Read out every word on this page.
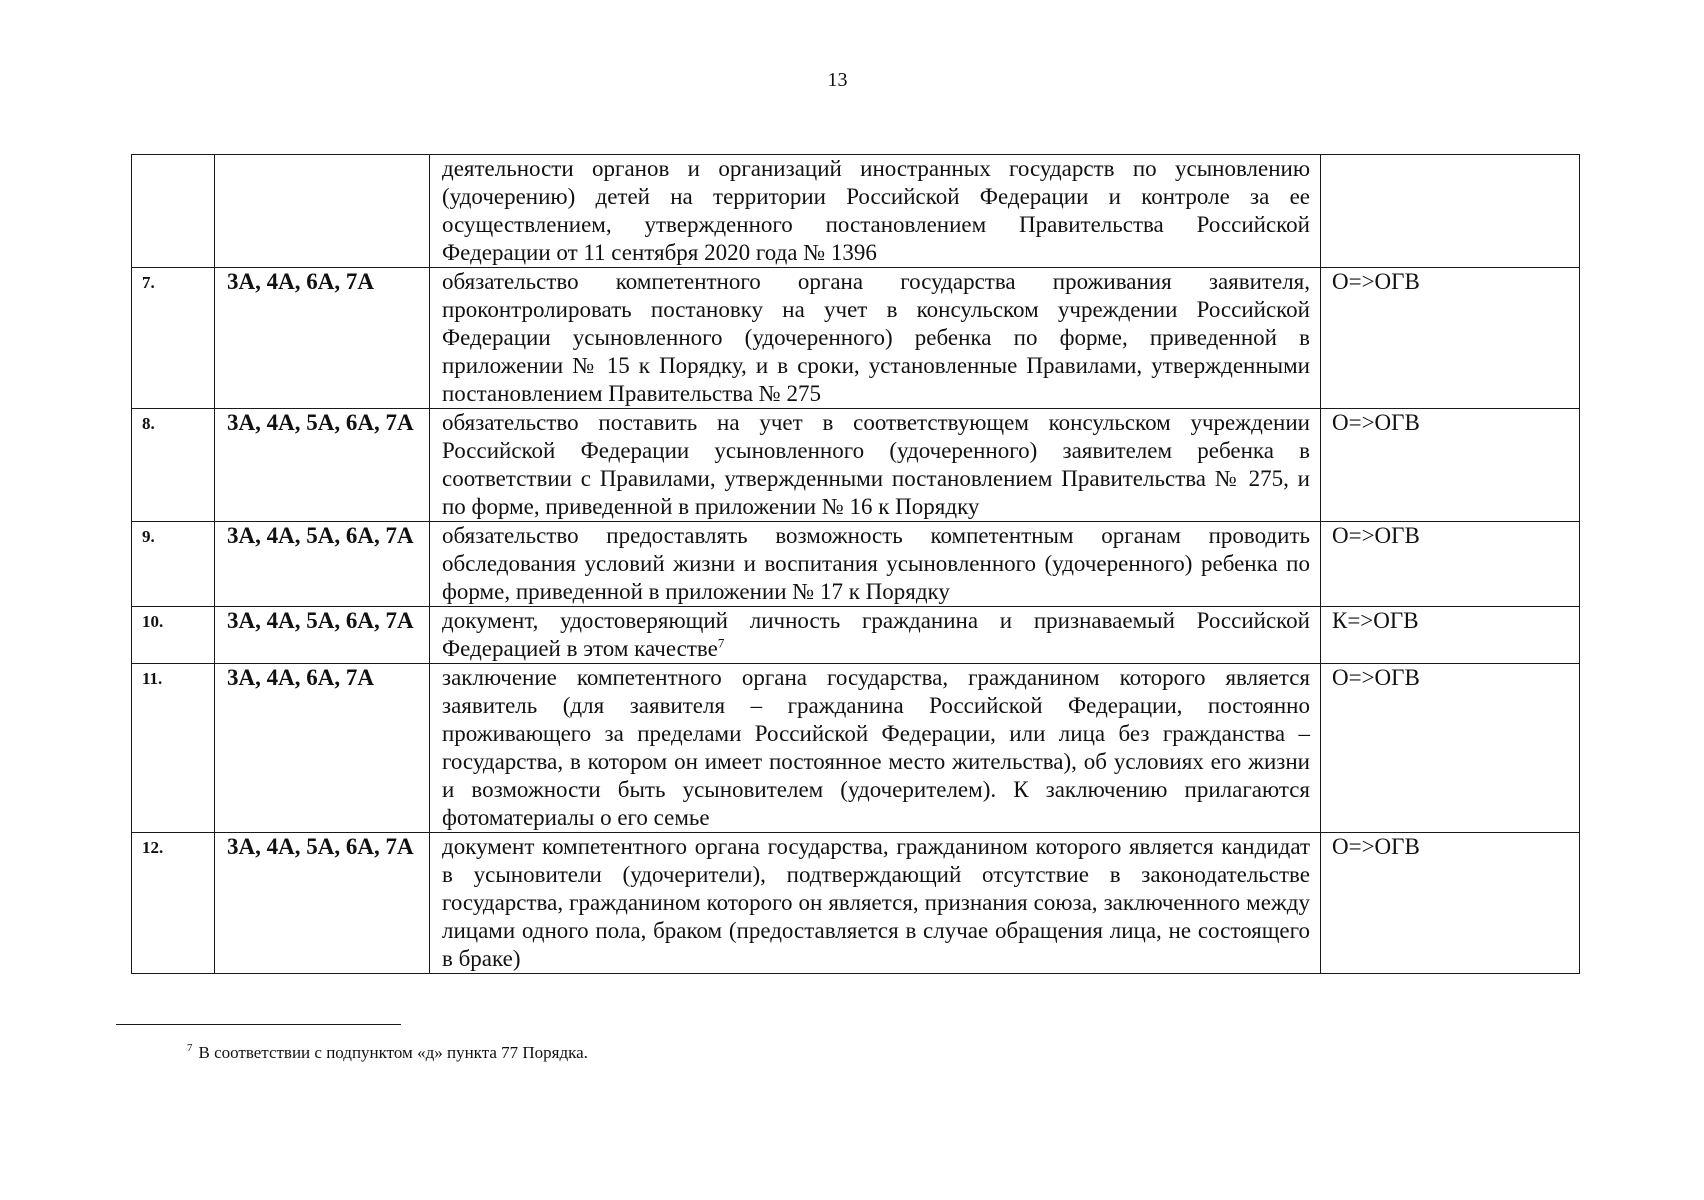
13

		деятельности органов и организаций иностранных государств по усыновлению (удочерению) детей на территории Российской Федерации и контроле за ее осуществлением, утвержденного постановлением Правительства Российской Федерации от 11 сентября 2020 года № 1396	

7.	3А, 4А, 6А, 7А	обязательство компетентного органа государства проживания заявителя, проконтролировать постановку на учет в консульском учреждении Российской Федерации усыновленного (удочеренного) ребенка по форме, приведенной в приложении № 15 к Порядку, и в сроки, установленные Правилами, утвержденными постановлением Правительства № 275	О=>ОГВ
8.	3А, 4А, 5А, 6А, 7А	обязательство поставить на учет в соответствующем консульском учреждении Российской Федерации усыновленного (удочеренного) заявителем ребенка в соответствии с Правилами, утвержденными постановлением Правительства № 275, и по форме, приведенной в приложении № 16 к Порядку	О=>ОГВ
9.	3А, 4А, 5А, 6А, 7А	обязательство предоставлять возможность компетентным органам проводить обследования условий жизни и воспитания усыновленного (удочеренного) ребенка по форме, приведенной в приложении № 17 к Порядку	О=>ОГВ
10.	3А, 4А, 5А, 6А, 7А	документ, удостоверяющий личность гражданина и признаваемый Российской Федерацией в этом качестве$^7$	К=>ОГВ
11.	3А, 4А, 6А, 7А	заключение компетентного органа государства, гражданином которого является заявитель (для заявителя – гражданина Российской Федерации, постоянно проживающего за пределами Российской Федерации, или лица без гражданства – государства, в котором он имеет постоянное место жительства), об условиях его жизни и возможности быть усыновителем (удочерителем). К заключению прилагаются фотоматериалы о его семье	О=>ОГВ
12.	3А, 4А, 5А, 6А, 7А	документ компетентного органа государства, гражданином которого является кандидат в усыновители (удочерители), подтверждающий отсутствие в законодательстве государства, гражданином которого он является, признания союза, заключенного между лицами одного пола, браком (предоставляется в случае обращения лица, не состоящего в браке)	О=>ОГВ
$^7$ В соответствии с подпунктом «д» пункта 77 Порядка.
